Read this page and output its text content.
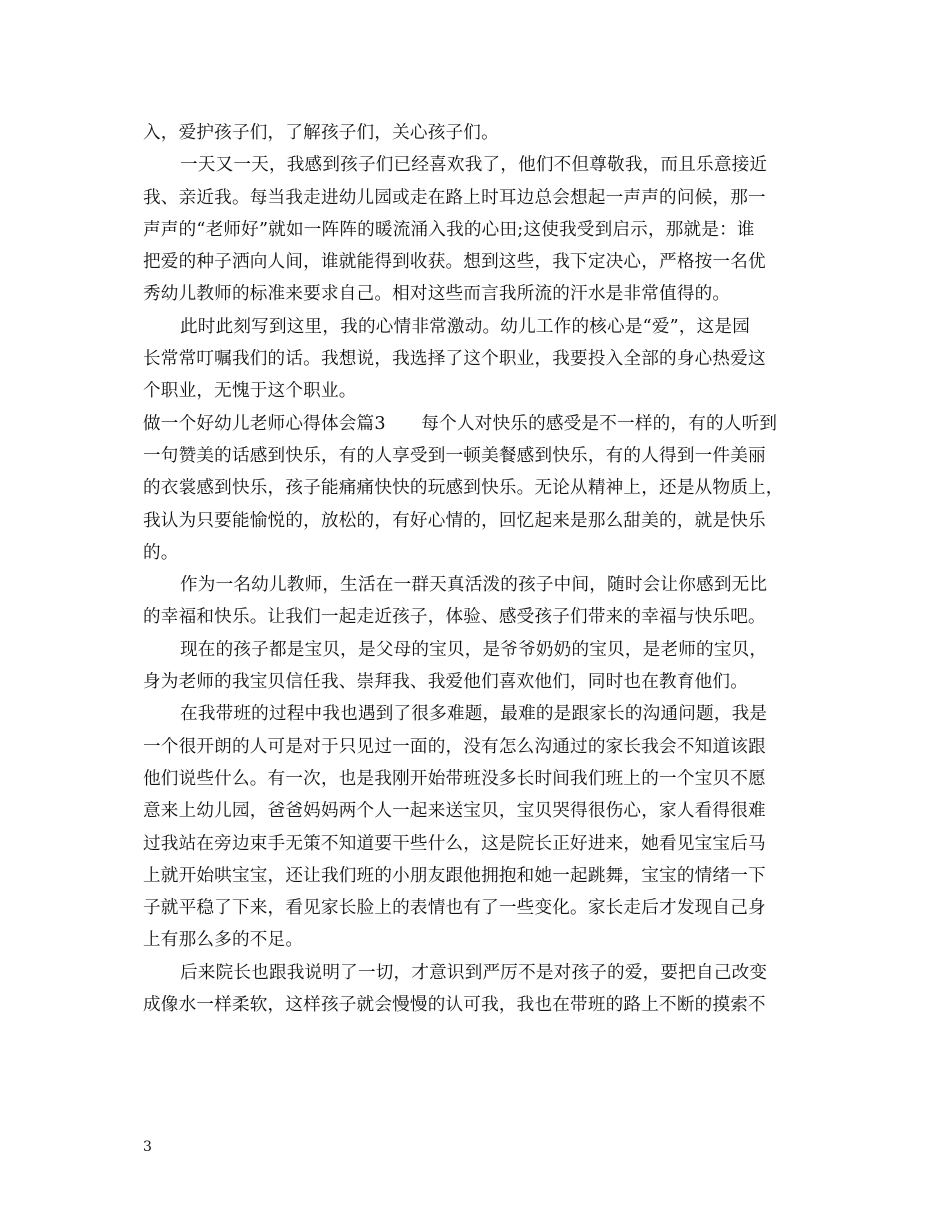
入，爱护孩子们，了解孩子们，关心孩子们。
一天又一天，我感到孩子们已经喜欢我了，他们不但尊敬我，而且乐意接近
我、亲近我。每当我走进幼儿园或走在路上时耳边总会想起一声声的问候，那一
声声的“老师好”就如一阵阵的暖流涌入我的心田;这使我受到启示，那就是：谁
把爱的种子洒向人间，谁就能得到收获。想到这些，我下定决心，严格按一名优
秀幼儿教师的标准来要求自己。相对这些而言我所流的汗水是非常值得的。
此时此刻写到这里，我的心情非常激动。幼儿工作的核心是“爱”，这是园
长常常叮嘱我们的话。我想说，我选择了这个职业，我要投入全部的身心热爱这
个职业，无愧于这个职业。
做一个好幼儿老师心得体会篇3　　每个人对快乐的感受是不一样的，有的人听到
一句赞美的话感到快乐，有的人享受到一顿美餐感到快乐，有的人得到一件美丽
的衣裳感到快乐，孩子能痛痛快快的玩感到快乐。无论从精神上，还是从物质上，
我认为只要能愉悦的，放松的，有好心情的，回忆起来是那么甜美的，就是快乐
的。
作为一名幼儿教师，生活在一群天真活泼的孩子中间，随时会让你感到无比
的幸福和快乐。让我们一起走近孩子，体验、感受孩子们带来的幸福与快乐吧。
现在的孩子都是宝贝，是父母的宝贝，是爷爷奶奶的宝贝，是老师的宝贝，
身为老师的我宝贝信任我、崇拜我、我爱他们喜欢他们，同时也在教育他们。
在我带班的过程中我也遇到了很多难题，最难的是跟家长的沟通问题，我是
一个很开朗的人可是对于只见过一面的，没有怎么沟通过的家长我会不知道该跟
他们说些什么。有一次，也是我刚开始带班没多长时间我们班上的一个宝贝不愿
意来上幼儿园，爸爸妈妈两个人一起来送宝贝，宝贝哭得很伤心，家人看得很难
过我站在旁边束手无策不知道要干些什么，这是院长正好进来，她看见宝宝后马
上就开始哄宝宝，还让我们班的小朋友跟他拥抱和她一起跳舞，宝宝的情绪一下
子就平稳了下来，看见家长脸上的表情也有了一些变化。家长走后才发现自己身
上有那么多的不足。
后来院长也跟我说明了一切，才意识到严厉不是对孩子的爱，要把自己改变
成像水一样柔软，这样孩子就会慢慢的认可我，我也在带班的路上不断的摸索不
3
